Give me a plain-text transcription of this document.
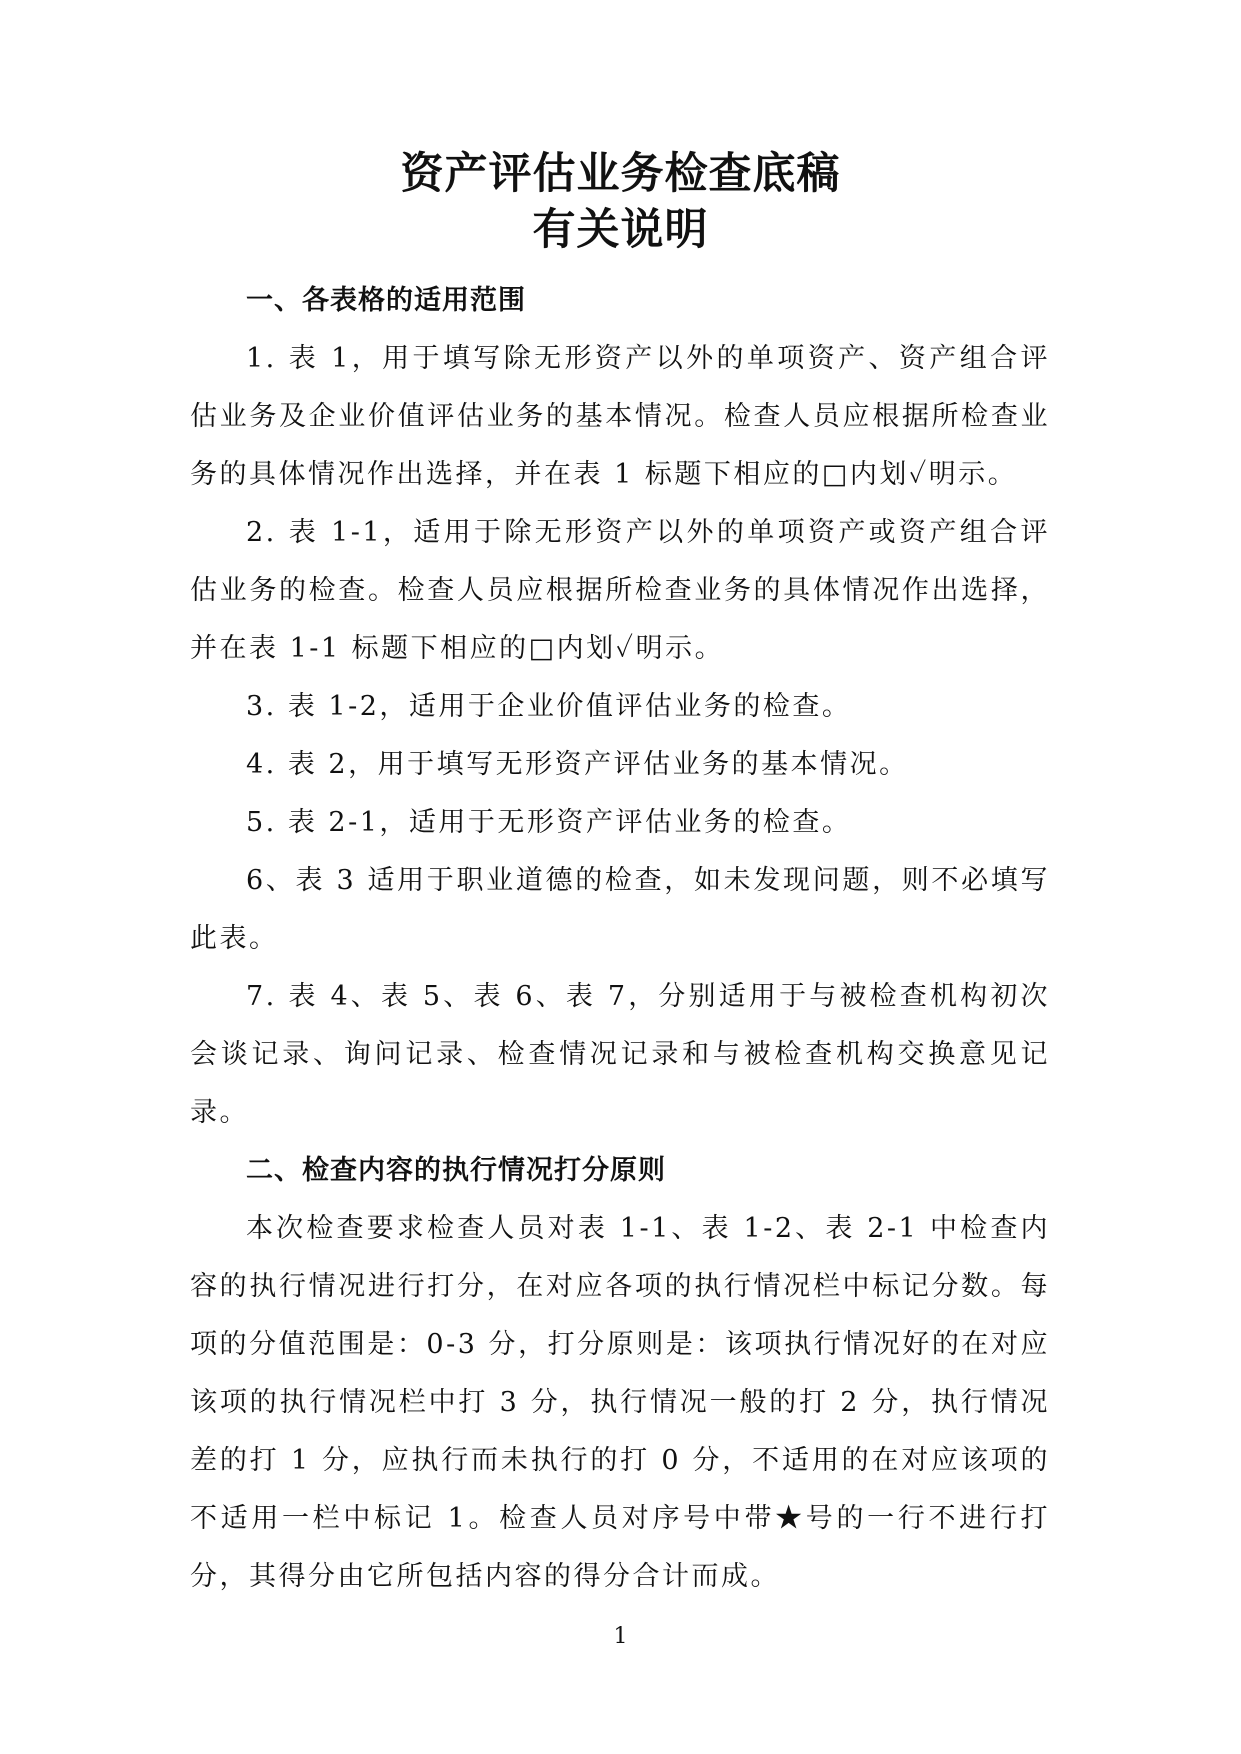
资产评估业务检查底稿
有关说明

一、各表格的适用范围

1. 表 1，用于填写除无形资产以外的单项资产、资产组合评估业务及企业价值评估业务的基本情况。检查人员应根据所检查业务的具体情况作出选择，并在表 1 标题下相应的□内划✓明示。

2. 表 1-1，适用于除无形资产以外的单项资产或资产组合评估业务的检查。检查人员应根据所检查业务的具体情况作出选择，并在表 1-1 标题下相应的□内划✓明示。

3. 表 1-2，适用于企业价值评估业务的检查。

4. 表 2，用于填写无形资产评估业务的基本情况。

5. 表 2-1，适用于无形资产评估业务的检查。

6、表 3 适用于职业道德的检查，如未发现问题，则不必填写此表。

7. 表 4、表 5、表 6、表 7，分别适用于与被检查机构初次会谈记录、询问记录、检查情况记录和与被检查机构交换意见记录。

二、检查内容的执行情况打分原则

本次检查要求检查人员对表 1-1、表 1-2、表 2-1 中检查内容的执行情况进行打分，在对应各项的执行情况栏中标记分数。每项的分值范围是：0-3 分，打分原则是：该项执行情况好的在对应该项的执行情况栏中打 3 分，执行情况一般的打 2 分，执行情况差的打 1 分，应执行而未执行的打 0 分，不适用的在对应该项的不适用一栏中标记 1。检查人员对序号中带★号的一行不进行打分，其得分由它所包括内容的得分合计而成。

1
